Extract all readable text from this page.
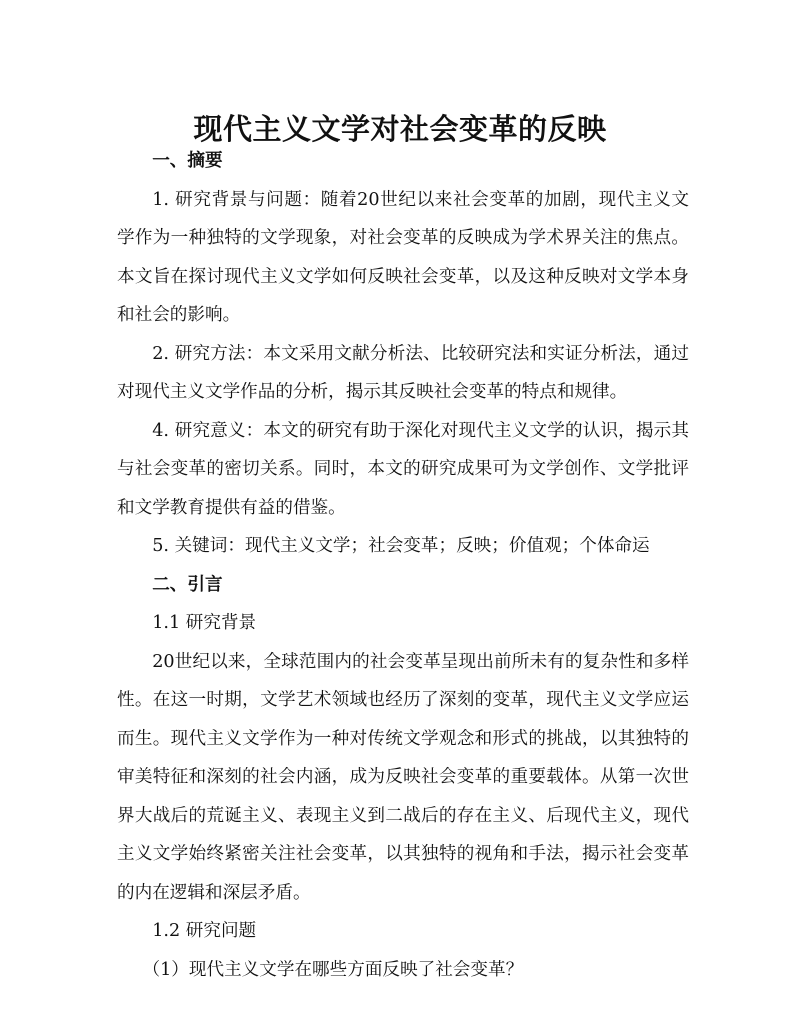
现代主义文学对社会变革的反映

一、摘要

1. 研究背景与问题：随着20世纪以来社会变革的加剧，现代主义文学作为一种独特的文学现象，对社会变革的反映成为学术界关注的焦点。本文旨在探讨现代主义文学如何反映社会变革，以及这种反映对文学本身和社会的影响。

2. 研究方法：本文采用文献分析法、比较研究法和实证分析法，通过对现代主义文学作品的分析，揭示其反映社会变革的特点和规律。

4. 研究意义：本文的研究有助于深化对现代主义文学的认识，揭示其与社会变革的密切关系。同时，本文的研究成果可为文学创作、文学批评和文学教育提供有益的借鉴。

5. 关键词：现代主义文学；社会变革；反映；价值观；个体命运

二、引言

1.1 研究背景

20世纪以来，全球范围内的社会变革呈现出前所未有的复杂性和多样性。在这一时期，文学艺术领域也经历了深刻的变革，现代主义文学应运而生。现代主义文学作为一种对传统文学观念和形式的挑战，以其独特的审美特征和深刻的社会内涵，成为反映社会变革的重要载体。从第一次世界大战后的荒诞主义、表现主义到二战后的存在主义、后现代主义，现代主义文学始终紧密关注社会变革，以其独特的视角和手法，揭示社会变革的内在逻辑和深层矛盾。

1.2 研究问题

（1）现代主义文学在哪些方面反映了社会变革？
